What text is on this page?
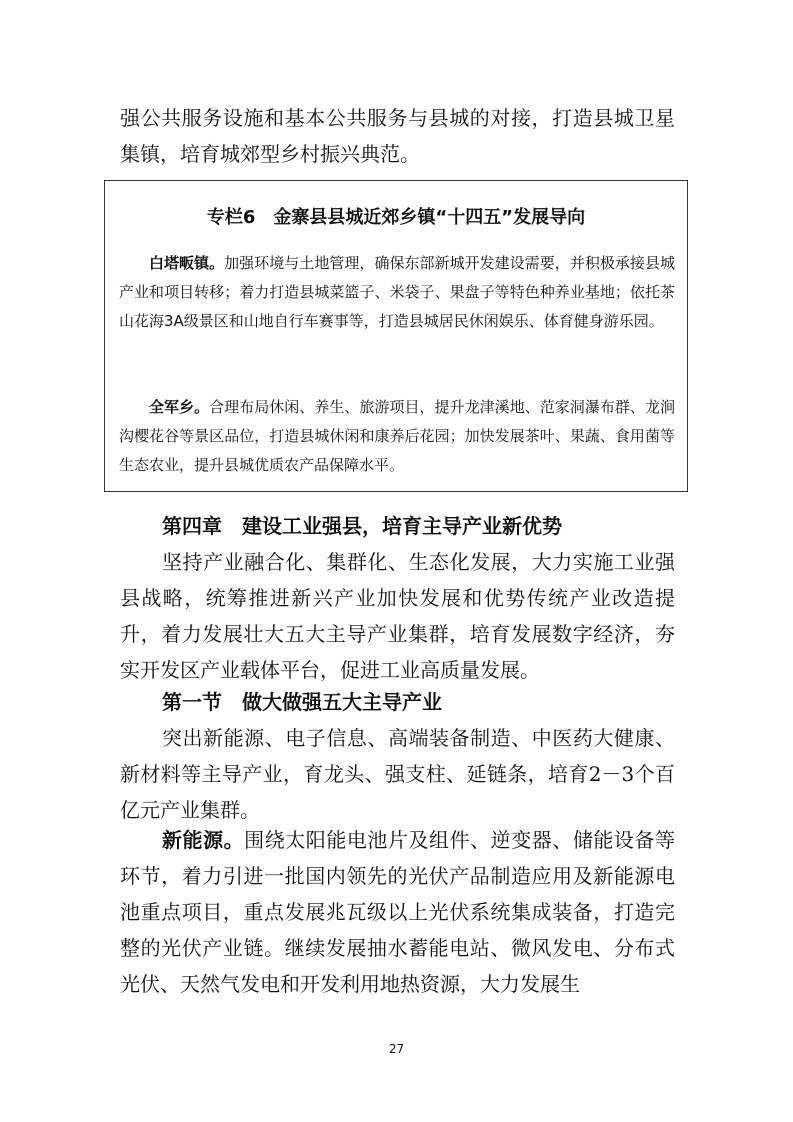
强公共服务设施和基本公共服务与县城的对接，打造县城卫星集镇，培育城郊型乡村振兴典范。

专栏6　金寨县县城近郊乡镇“十四五”发展导向

白塔畈镇。加强环境与土地管理，确保东部新城开发建设需要，并积极承接县城产业和项目转移；着力打造县城菜篮子、米袋子、果盘子等特色种养业基地；依托茶山花海3A级景区和山地自行车赛事等，打造县城居民休闲娱乐、体育健身游乐园。

全军乡。合理布局休闲、养生、旅游项目，提升龙津溪地、范家洞瀑布群、龙涧沟樱花谷等景区品位，打造县城休闲和康养后花园；加快发展茶叶、果蔬、食用菌等生态农业，提升县城优质农产品保障水平。

第四章　建设工业强县，培育主导产业新优势

坚持产业融合化、集群化、生态化发展，大力实施工业强县战略，统筹推进新兴产业加快发展和优势传统产业改造提升，着力发展壮大五大主导产业集群，培育发展数字经济，夯实开发区产业载体平台，促进工业高质量发展。

第一节　做大做强五大主导产业

突出新能源、电子信息、高端装备制造、中医药大健康、新材料等主导产业，育龙头、强支柱、延链条，培育2－3个百亿元产业集群。

新能源。围绕太阳能电池片及组件、逆变器、储能设备等环节，着力引进一批国内领先的光伏产品制造应用及新能源电池重点项目，重点发展兆瓦级以上光伏系统集成装备，打造完整的光伏产业链。继续发展抽水蓄能电站、微风发电、分布式光伏、天然气发电和开发利用地热资源，大力发展生

27
